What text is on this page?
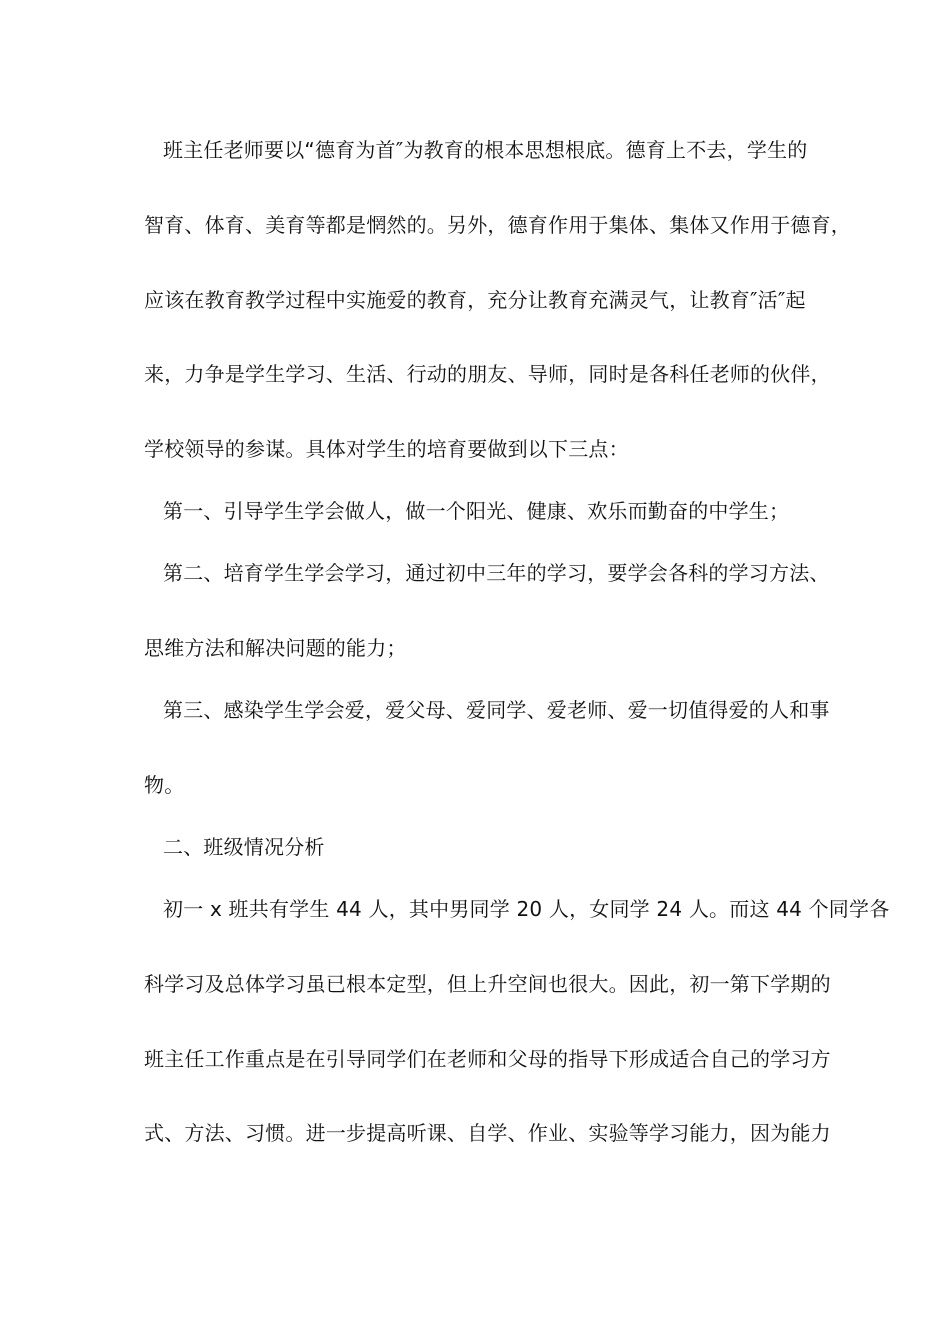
班主任老师要以“德育为首″为教育的根本思想根底。德育上不去，学生的
智育、体育、美育等都是惘然的。另外，德育作用于集体、集体又作用于德育，
应该在教育教学过程中实施爱的教育，充分让教育充满灵气，让教育″活″起
来，力争是学生学习、生活、行动的朋友、导师，同时是各科任老师的伙伴，
学校领导的参谋。具体对学生的培育要做到以下三点：
第一、引导学生学会做人，做一个阳光、健康、欢乐而勤奋的中学生；
第二、培育学生学会学习，通过初中三年的学习，要学会各科的学习方法、
思维方法和解决问题的能力；
第三、感染学生学会爱，爱父母、爱同学、爱老师、爱一切值得爱的人和事
物。
二、班级情况分析
初一 x 班共有学生 44 人，其中男同学 20 人，女同学 24 人。而这 44 个同学各
科学习及总体学习虽已根本定型，但上升空间也很大。因此，初一第下学期的
班主任工作重点是在引导同学们在老师和父母的指导下形成适合自己的学习方
式、方法、习惯。进一步提高听课、自学、作业、实验等学习能力，因为能力
